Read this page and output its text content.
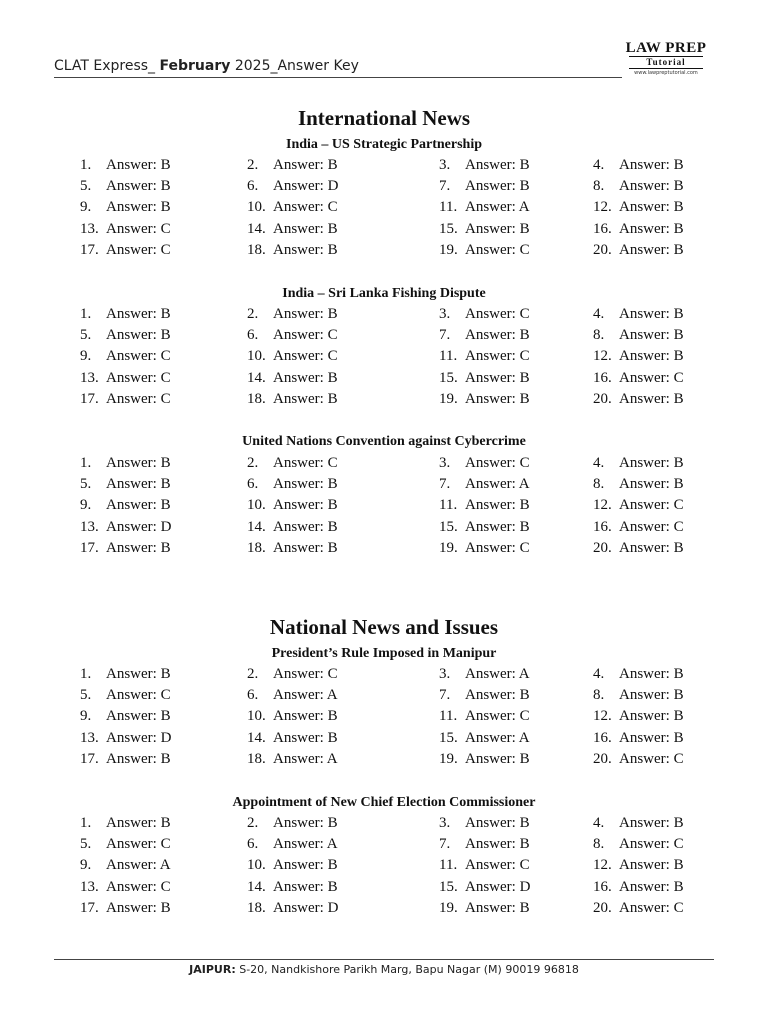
CLAT Express_ February 2025_Answer Key
LAW PREP
Tutorial
www.lawpreptutorial.com
International News
India – US Strategic Partnership
1. Answer: B	2. Answer: B	3. Answer: B	4. Answer: B
5. Answer: B	6. Answer: D	7. Answer: B	8. Answer: B
9. Answer: B	10. Answer: C	11. Answer: A	12. Answer: B
13. Answer: C	14. Answer: B	15. Answer: B	16. Answer: B
17. Answer: C	18. Answer: B	19. Answer: C	20. Answer: B
India – Sri Lanka Fishing Dispute
1. Answer: B	2. Answer: B	3. Answer: C	4. Answer: B
5. Answer: B	6. Answer: C	7. Answer: B	8. Answer: B
9. Answer: C	10. Answer: C	11. Answer: C	12. Answer: B
13. Answer: C	14. Answer: B	15. Answer: B	16. Answer: C
17. Answer: C	18. Answer: B	19. Answer: B	20. Answer: B
United Nations Convention against Cybercrime
1. Answer: B	2. Answer: C	3. Answer: C	4. Answer: B
5. Answer: B	6. Answer: B	7. Answer: A	8. Answer: B
9. Answer: B	10. Answer: B	11. Answer: B	12. Answer: C
13. Answer: D	14. Answer: B	15. Answer: B	16. Answer: C
17. Answer: B	18. Answer: B	19. Answer: C	20. Answer: B
National News and Issues
President’s Rule Imposed in Manipur
1. Answer: B	2. Answer: C	3. Answer: A	4. Answer: B
5. Answer: C	6. Answer: A	7. Answer: B	8. Answer: B
9. Answer: B	10. Answer: B	11. Answer: C	12. Answer: B
13. Answer: D	14. Answer: B	15. Answer: A	16. Answer: B
17. Answer: B	18. Answer: A	19. Answer: B	20. Answer: C
Appointment of New Chief Election Commissioner
1. Answer: B	2. Answer: B	3. Answer: B	4. Answer: B
5. Answer: C	6. Answer: A	7. Answer: B	8. Answer: C
9. Answer: A	10. Answer: B	11. Answer: C	12. Answer: B
13. Answer: C	14. Answer: B	15. Answer: D	16. Answer: B
17. Answer: B	18. Answer: D	19. Answer: B	20. Answer: C
JAIPUR: S-20, Nandkishore Parikh Marg, Bapu Nagar (M) 90019 96818
